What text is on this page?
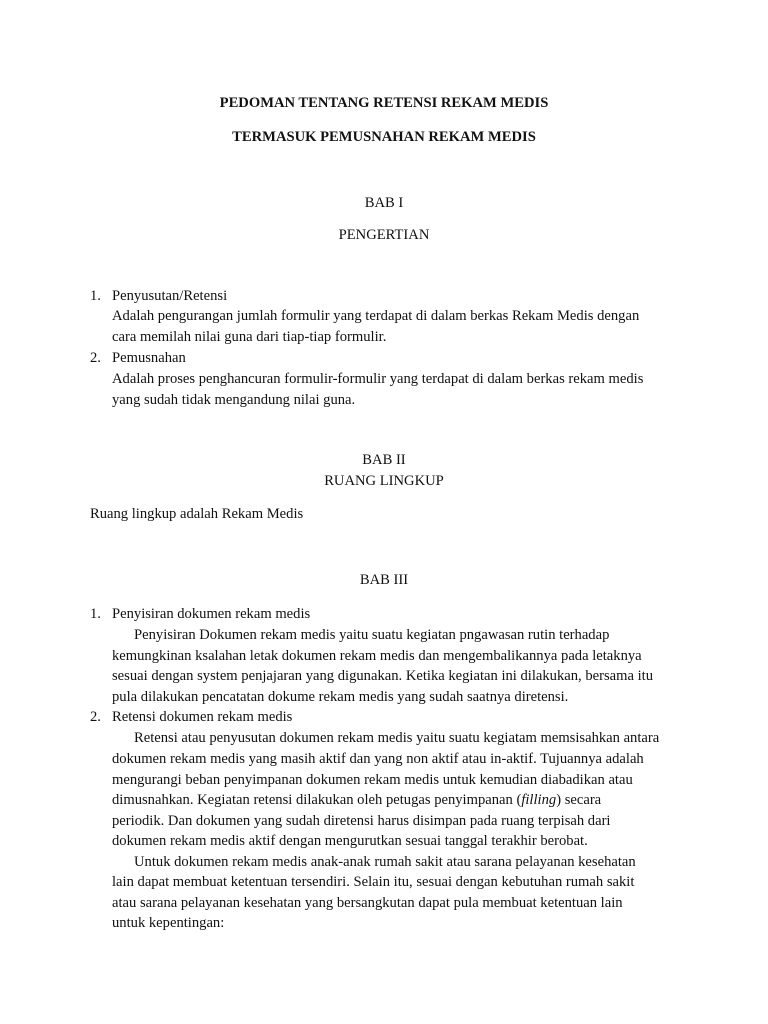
PEDOMAN TENTANG RETENSI REKAM MEDIS
TERMASUK PEMUSNAHAN REKAM MEDIS
BAB I
PENGERTIAN
1. Penyusutan/Retensi
Adalah pengurangan jumlah formulir yang terdapat di dalam berkas Rekam Medis dengan
cara memilah nilai guna dari tiap-tiap formulir.
2. Pemusnahan
Adalah proses penghancuran formulir-formulir yang terdapat di dalam berkas rekam medis
yang sudah tidak mengandung nilai guna.
BAB II
RUANG LINGKUP
Ruang lingkup adalah Rekam Medis
BAB III
1. Penyisiran dokumen rekam medis
Penyisiran Dokumen rekam medis yaitu suatu kegiatan pngawasan rutin terhadap
kemungkinan ksalahan letak dokumen rekam medis dan mengembalikannya pada letaknya
sesuai dengan system penjajaran yang digunakan. Ketika kegiatan ini dilakukan, bersama itu
pula dilakukan pencatatan dokume rekam medis yang sudah saatnya diretensi.
2. Retensi dokumen rekam medis
Retensi atau penyusutan dokumen rekam medis yaitu suatu kegiatam memsisahkan antara
dokumen rekam medis yang masih aktif dan yang non aktif atau in-aktif. Tujuannya adalah
mengurangi beban penyimpanan dokumen rekam medis untuk kemudian diabadikan atau
dimusnahkan. Kegiatan retensi dilakukan oleh petugas penyimpanan (filling) secara
periodik. Dan dokumen yang sudah diretensi harus disimpan pada ruang terpisah dari
dokumen rekam medis aktif dengan mengurutkan sesuai tanggal terakhir berobat.
Untuk dokumen rekam medis anak-anak rumah sakit atau sarana pelayanan kesehatan
lain dapat membuat ketentuan tersendiri. Selain itu, sesuai dengan kebutuhan rumah sakit
atau sarana pelayanan kesehatan yang bersangkutan dapat pula membuat ketentuan lain
untuk kepentingan:
